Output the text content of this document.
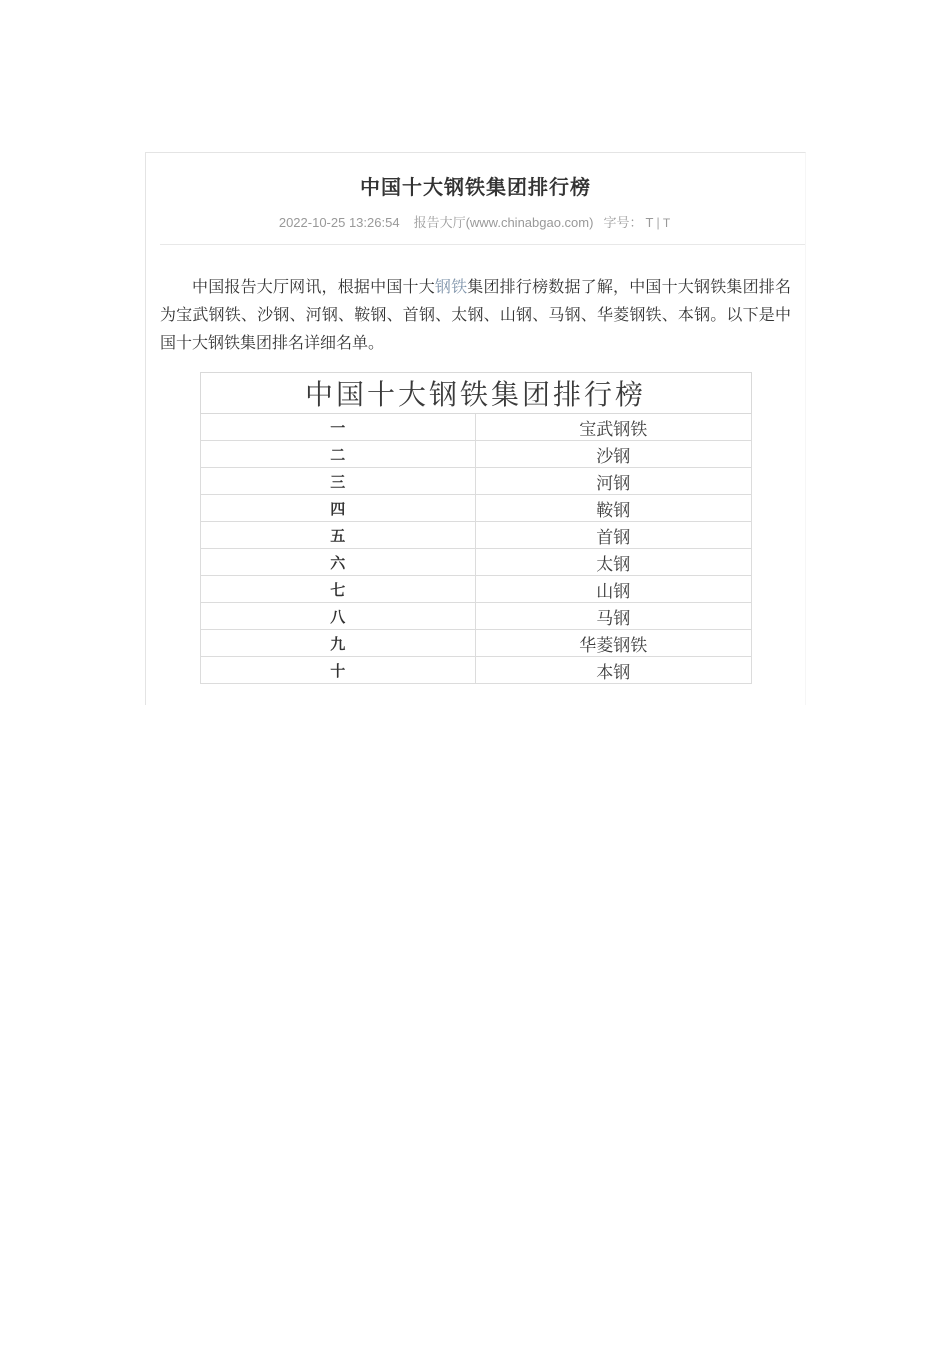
中国十大钢铁集团排行榜
2022-10-25 13:26:54 报告大厅(www.chinabgao.com) 字号： T | T

中国报告大厅网讯，根据中国十大钢铁集团排行榜数据了解，中国十大钢铁集团排名为宝武钢铁、沙钢、河钢、鞍钢、首钢、太钢、山钢、马钢、华菱钢铁、本钢。以下是中国十大钢铁集团排名详细名单。

中国十大钢铁集团排行榜	
一	宝武钢铁
二	沙钢
三	河钢
四	鞍钢
五	首钢
六	太钢
七	山钢
八	马钢
九	华菱钢铁
十	本钢
